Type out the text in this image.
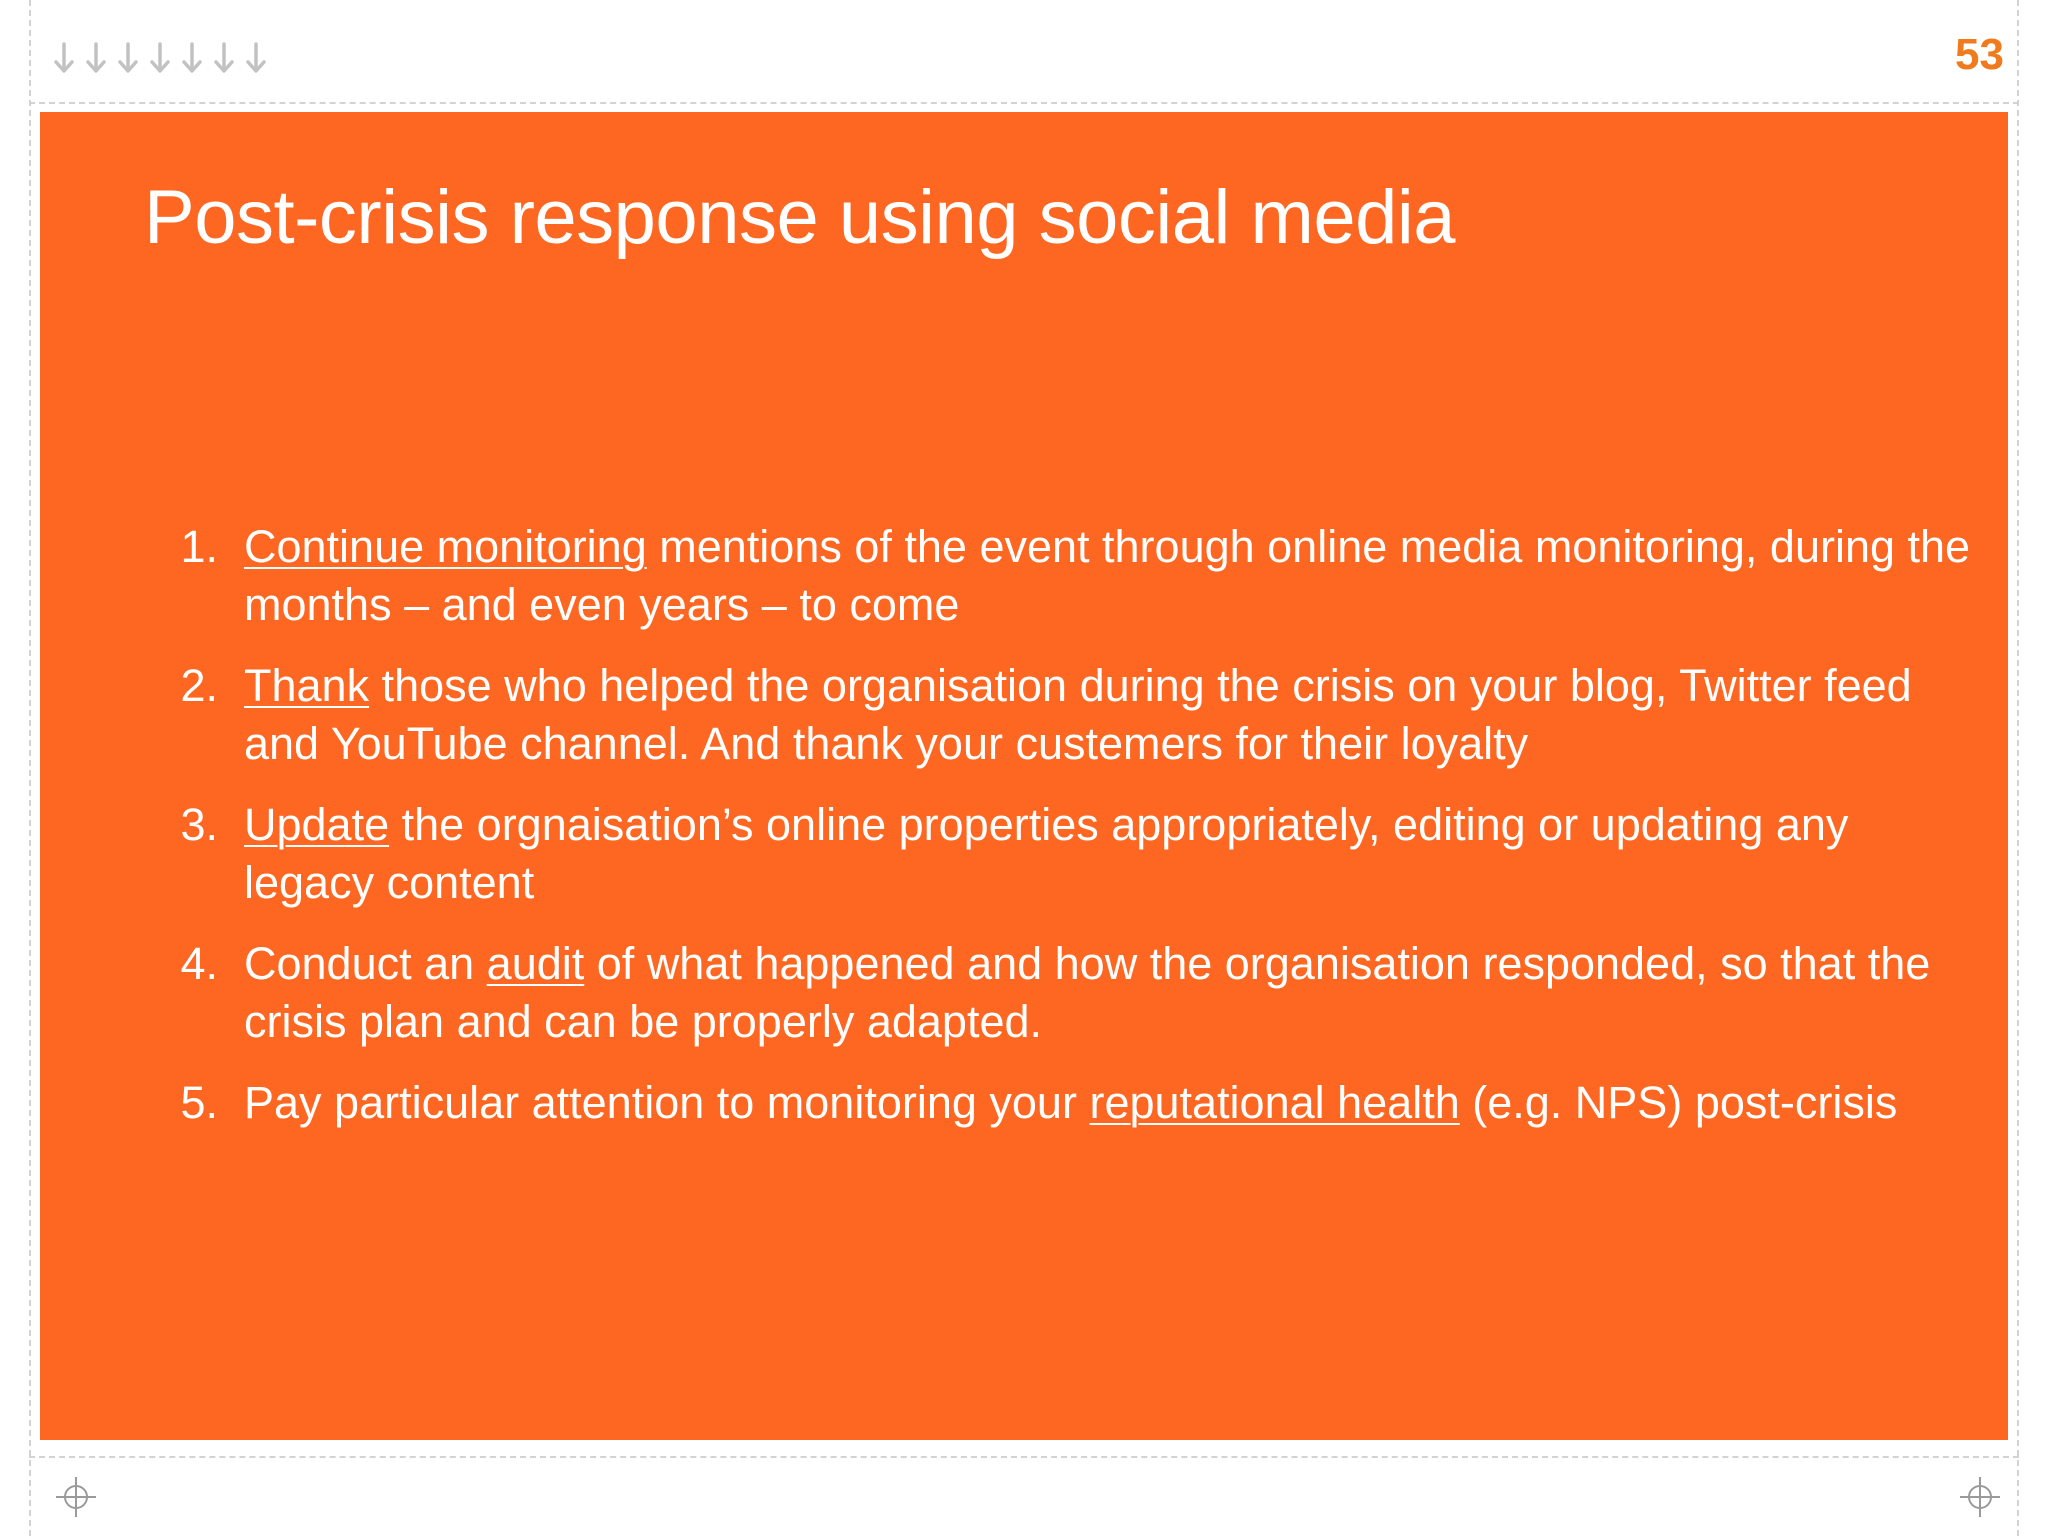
53
Post-crisis response using social media
1. Continue monitoring mentions of the event through online media monitoring, during the months – and even years – to come
2. Thank those who helped the organisation during the crisis on your blog, Twitter feed and YouTube channel. And thank your custemers for their loyalty
3. Update the orgnaisation’s online properties appropriately, editing or updating any legacy content
4. Conduct an audit of what happened and how the organisation responded, so that the crisis plan and can be properly adapted.
5. Pay particular attention to monitoring your reputational health (e.g. NPS) post-crisis
